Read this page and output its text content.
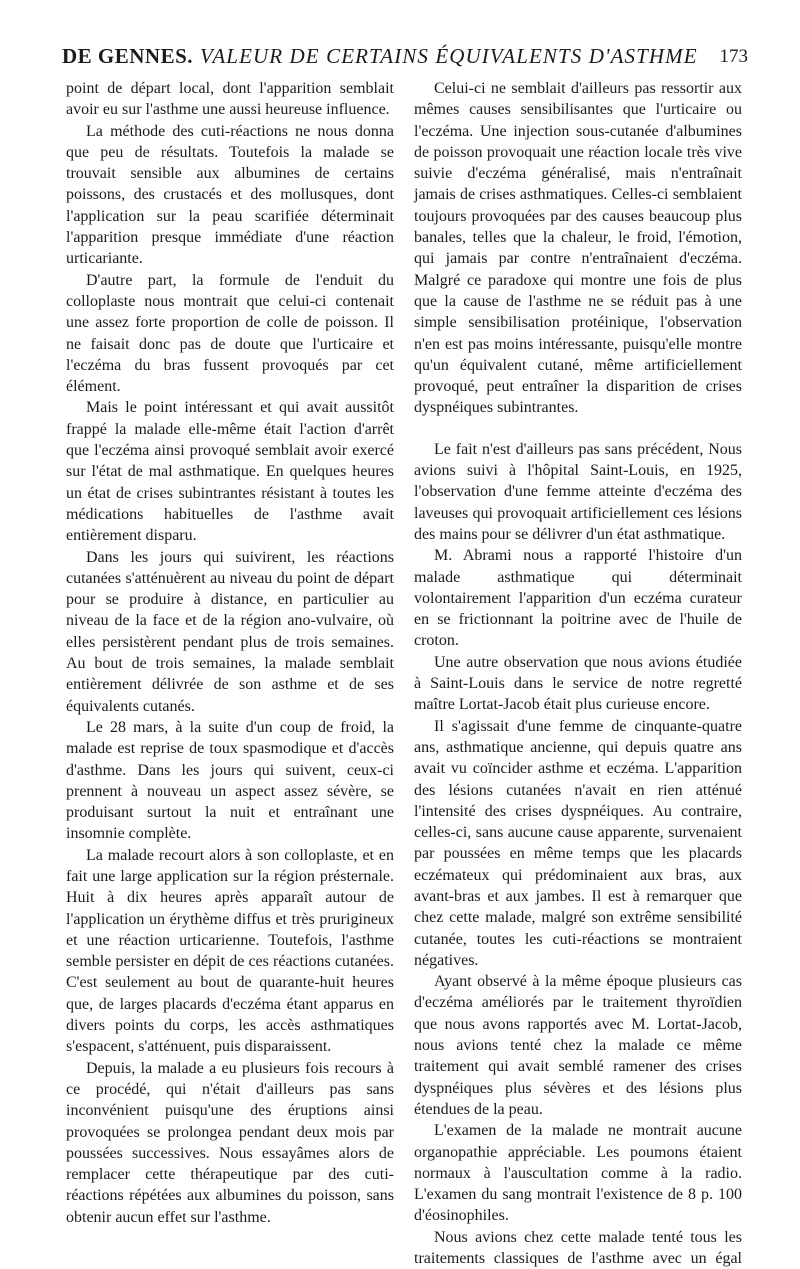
DE GENNES. VALEUR DE CERTAINS ÉQUIVALENTS D'ASTHME 173

point de départ local, dont l'apparition semblait avoir eu sur l'asthme une aussi heureuse influence.

La méthode des cuti-réactions ne nous donna que peu de résultats. Toutefois la malade se trouvait sensible aux albumines de certains poissons, des crustacés et des mollusques, dont l'application sur la peau scarifiée déterminait l'apparition presque immédiate d'une réaction urticariante.

D'autre part, la formule de l'enduit du colloplaste nous montrait que celui-ci contenait une assez forte proportion de colle de poisson. Il ne faisait donc pas de doute que l'urticaire et l'eczéma du bras fussent provoqués par cet élément.

Mais le point intéressant et qui avait aussitôt frappé la malade elle-même était l'action d'arrêt que l'eczéma ainsi provoqué semblait avoir exercé sur l'état de mal asthmatique. En quelques heures un état de crises subintrantes résistant à toutes les médications habituelles de l'asthme avait entièrement disparu.

Dans les jours qui suivirent, les réactions cutanées s'atténuèrent au niveau du point de départ pour se produire à distance, en particulier au niveau de la face et de la région ano-vulvaire, où elles persistèrent pendant plus de trois semaines. Au bout de trois semaines, la malade semblait entièrement délivrée de son asthme et de ses équivalents cutanés.

Le 28 mars, à la suite d'un coup de froid, la malade est reprise de toux spasmodique et d'accès d'asthme. Dans les jours qui suivent, ceux-ci prennent à nouveau un aspect assez sévère, se produisant surtout la nuit et entraînant une insomnie complète.

La malade recourt alors à son colloplaste, et en fait une large application sur la région présternale. Huit à dix heures après apparaît autour de l'application un érythème diffus et très prurigineux et une réaction urticarienne. Toutefois, l'asthme semble persister en dépit de ces réactions cutanées. C'est seulement au bout de quarante-huit heures que, de larges placards d'eczéma étant apparus en divers points du corps, les accès asthmatiques s'espacent, s'atténuent, puis disparaissent.

Depuis, la malade a eu plusieurs fois recours à ce procédé, qui n'était d'ailleurs pas sans inconvénient puisqu'une des éruptions ainsi provoquées se prolongea pendant deux mois par poussées successives. Nous essayâmes alors de remplacer cette thérapeutique par des cuti-réactions répétées aux albumines du poisson, sans obtenir aucun effet sur l'asthme.

Celui-ci ne semblait d'ailleurs pas ressortir aux mêmes causes sensibilisantes que l'urticaire ou l'eczéma. Une injection sous-cutanée d'albumines de poisson provoquait une réaction locale très vive suivie d'eczéma généralisé, mais n'entraînait jamais de crises asthmatiques. Celles-ci semblaient toujours provoquées par des causes beaucoup plus banales, telles que la chaleur, le froid, l'émotion, qui jamais par contre n'entraînaient d'eczéma. Malgré ce paradoxe qui montre une fois de plus que la cause de l'asthme ne se réduit pas à une simple sensibilisation protéinique, l'observation n'en est pas moins intéressante, puisqu'elle montre qu'un équivalent cutané, même artificiellement provoqué, peut entraîner la disparition de crises dyspnéiques subintrantes.

Le fait n'est d'ailleurs pas sans précédent, Nous avions suivi à l'hôpital Saint-Louis, en 1925, l'observation d'une femme atteinte d'eczéma des laveuses qui provoquait artificiellement ces lésions des mains pour se délivrer d'un état asthmatique.

M. Abrami nous a rapporté l'histoire d'un malade asthmatique qui déterminait volontairement l'apparition d'un eczéma curateur en se frictionnant la poitrine avec de l'huile de croton.

Une autre observation que nous avions étudiée à Saint-Louis dans le service de notre regretté maître Lortat-Jacob était plus curieuse encore.

Il s'agissait d'une femme de cinquante-quatre ans, asthmatique ancienne, qui depuis quatre ans avait vu coïncider asthme et eczéma. L'apparition des lésions cutanées n'avait en rien atténué l'intensité des crises dyspnéiques. Au contraire, celles-ci, sans aucune cause apparente, survenaient par poussées en même temps que les placards eczémateux qui prédominaient aux bras, aux avant-bras et aux jambes. Il est à remarquer que chez cette malade, malgré son extrême sensibilité cutanée, toutes les cuti-réactions se montraient négatives.

Ayant observé à la même époque plusieurs cas d'eczéma améliorés par le traitement thyroïdien que nous avons rapportés avec M. Lortat-Jacob, nous avions tenté chez la malade ce même traitement qui avait semblé ramener des crises dyspnéiques plus sévères et des lésions plus étendues de la peau.

L'examen de la malade ne montrait aucune organopathie appréciable. Les poumons étaient normaux à l'auscultation comme à la radio. L'examen du sang montrait l'existence de 8 p. 100 d'éosinophiles.

Nous avions chez cette malade tenté tous les traitements classiques de l'asthme avec un égal
